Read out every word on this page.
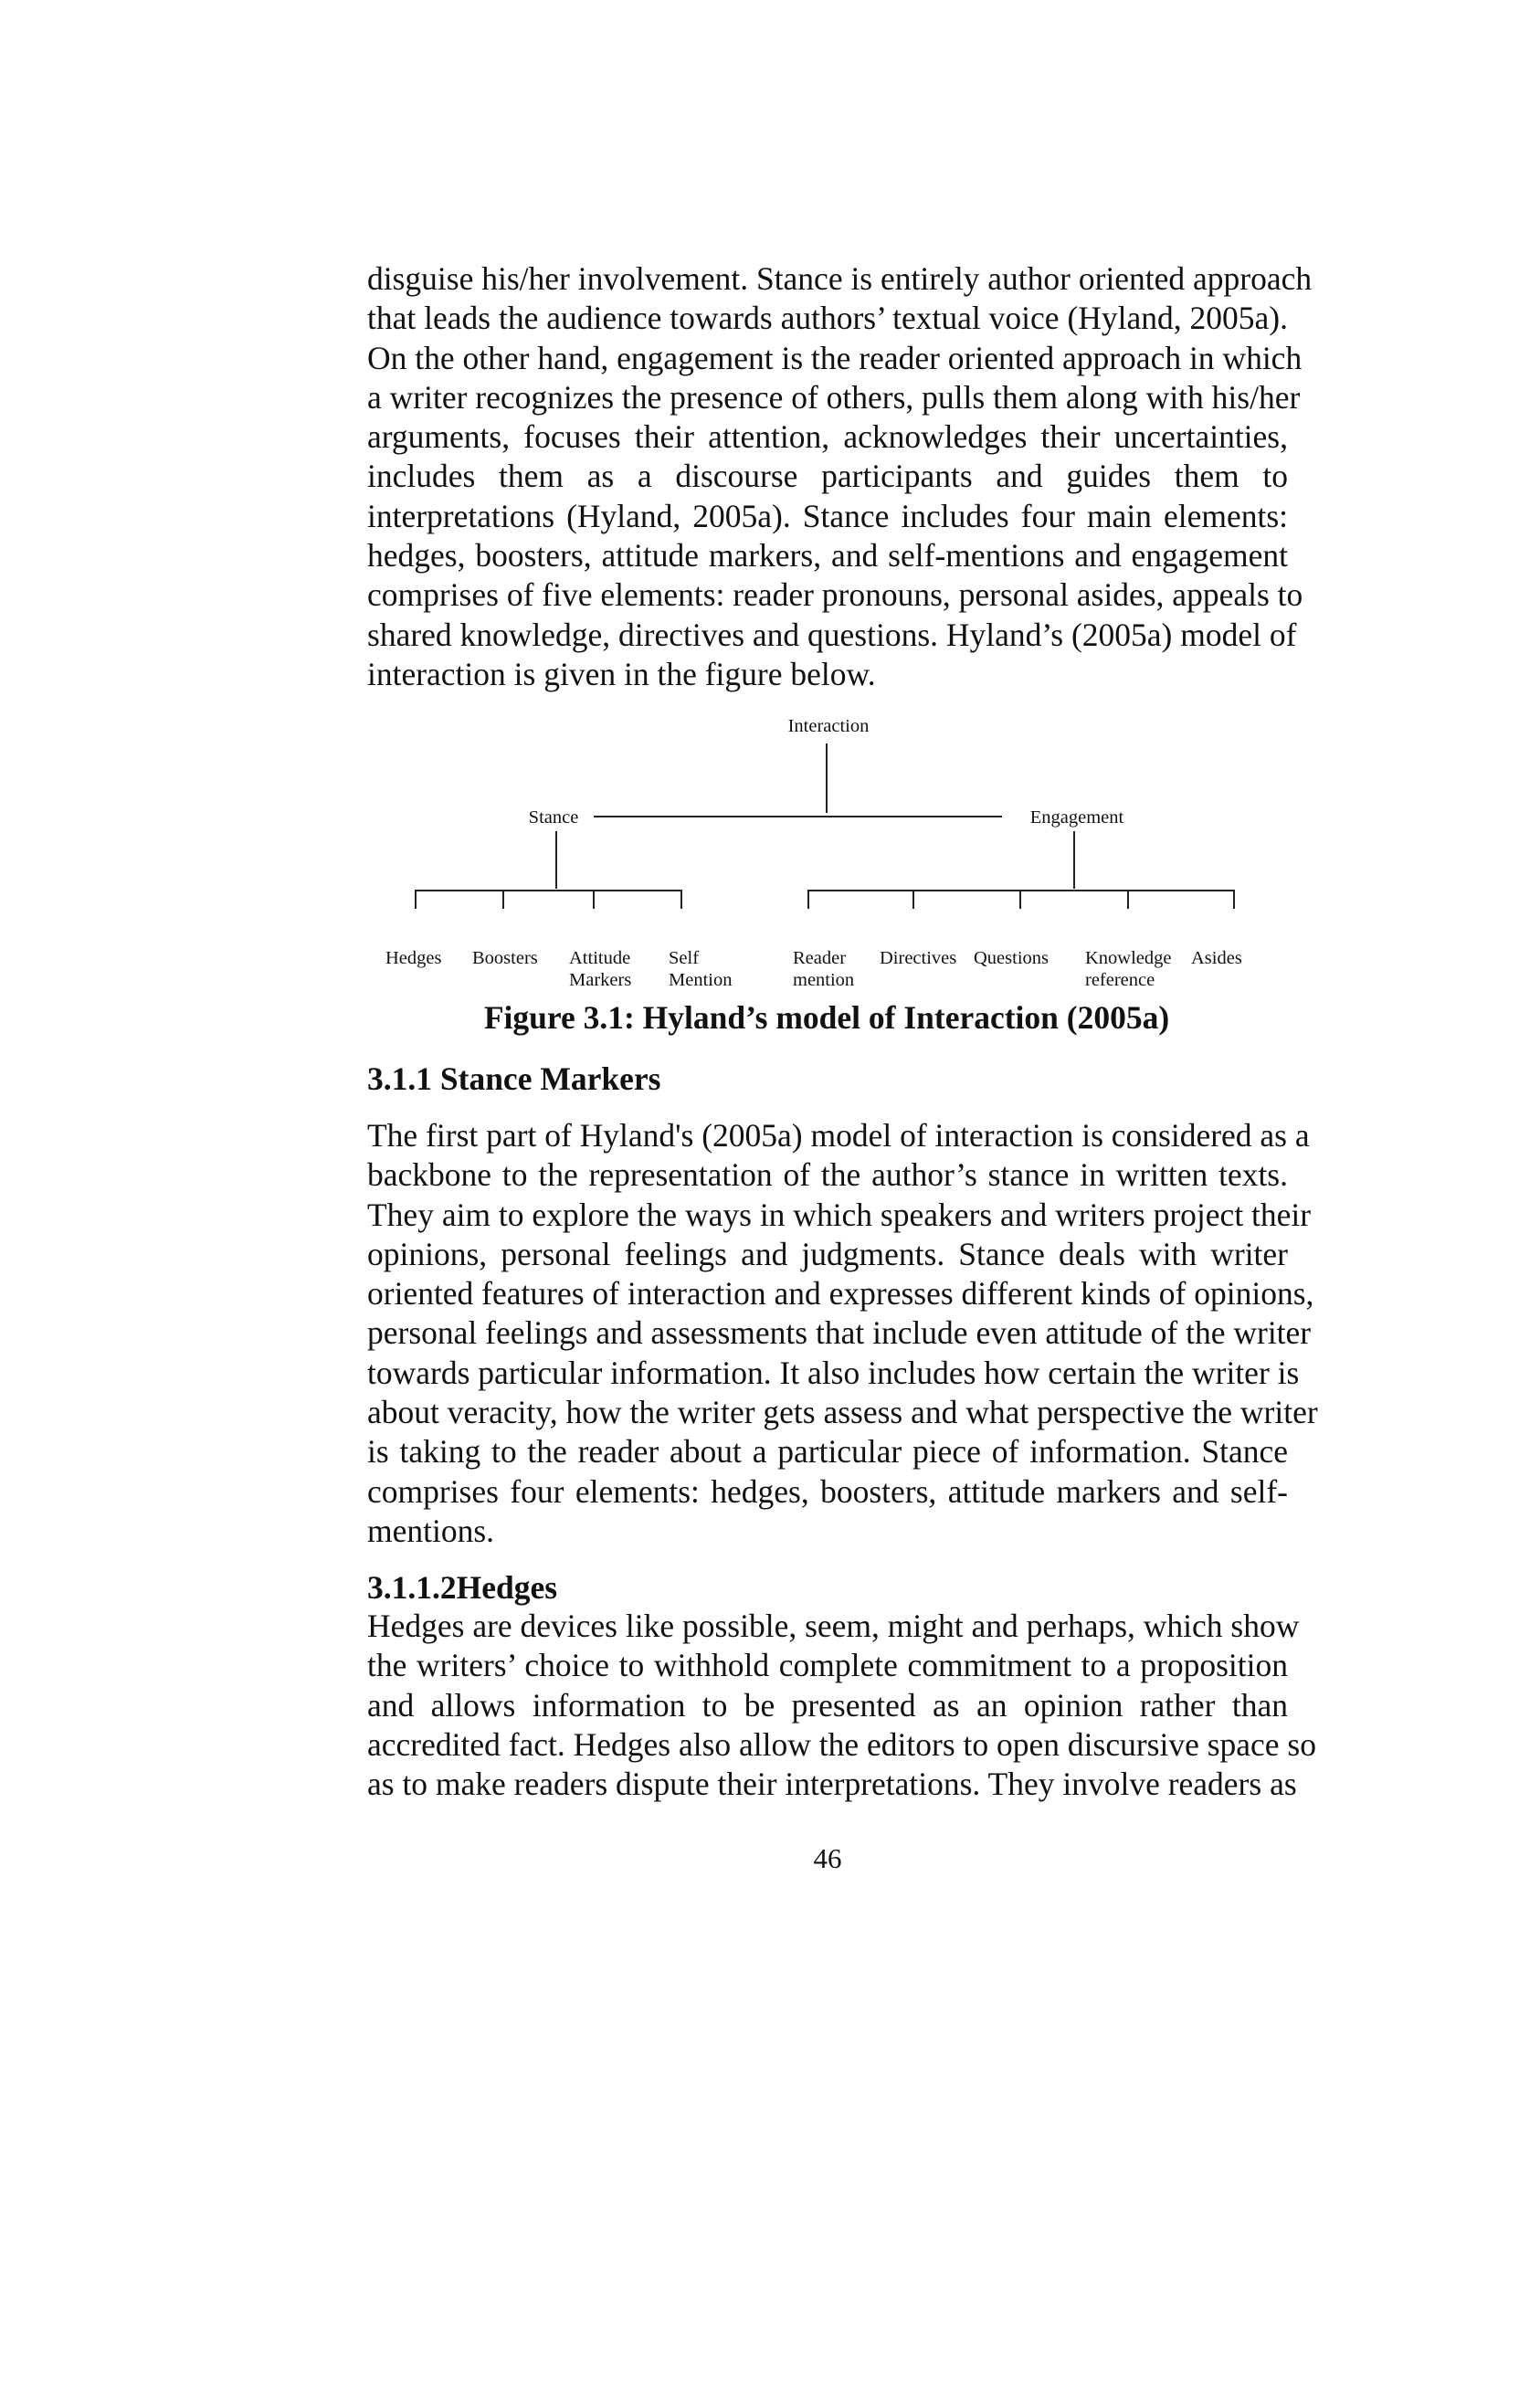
disguise his/her involvement. Stance is entirely author oriented approach
that leads the audience towards authors’ textual voice (Hyland, 2005a).
On the other hand, engagement is the reader oriented approach in which
a writer recognizes the presence of others, pulls them along with his/her
arguments, focuses their attention, acknowledges their uncertainties,
includes them as a discourse participants and guides them to
interpretations (Hyland, 2005a). Stance includes four main elements:
hedges, boosters, attitude markers, and self-mentions and engagement
comprises of five elements: reader pronouns, personal asides, appeals to
shared knowledge, directives and questions. Hyland’s (2005a) model of
interaction is given in the figure below.
Interaction
Stance	Engagement
Hedges Boosters Attitude
Markers
Self
Mention
Reader
mention
Directives Questions Knowledge
reference
Asides
Figure 3.1: Hyland’s model of Interaction (2005a)
3.1.1 Stance Markers
The first part of Hyland's (2005a) model of interaction is considered as a
backbone to the representation of the author’s stance in written texts.
They aim to explore the ways in which speakers and writers project their
opinions, personal feelings and judgments. Stance deals with writer
oriented features of interaction and expresses different kinds of opinions,
personal feelings and assessments that include even attitude of the writer
towards particular information. It also includes how certain the writer is
about veracity, how the writer gets assess and what perspective the writer
is taking to the reader about a particular piece of information. Stance
comprises four elements: hedges, boosters, attitude markers and self-
mentions.
3.1.1.2Hedges
Hedges are devices like possible, seem, might and perhaps, which show
the writers’ choice to withhold complete commitment to a proposition
and allows information to be presented as an opinion rather than
accredited fact. Hedges also allow the editors to open discursive space so
as to make readers dispute their interpretations. They involve readers as
46
